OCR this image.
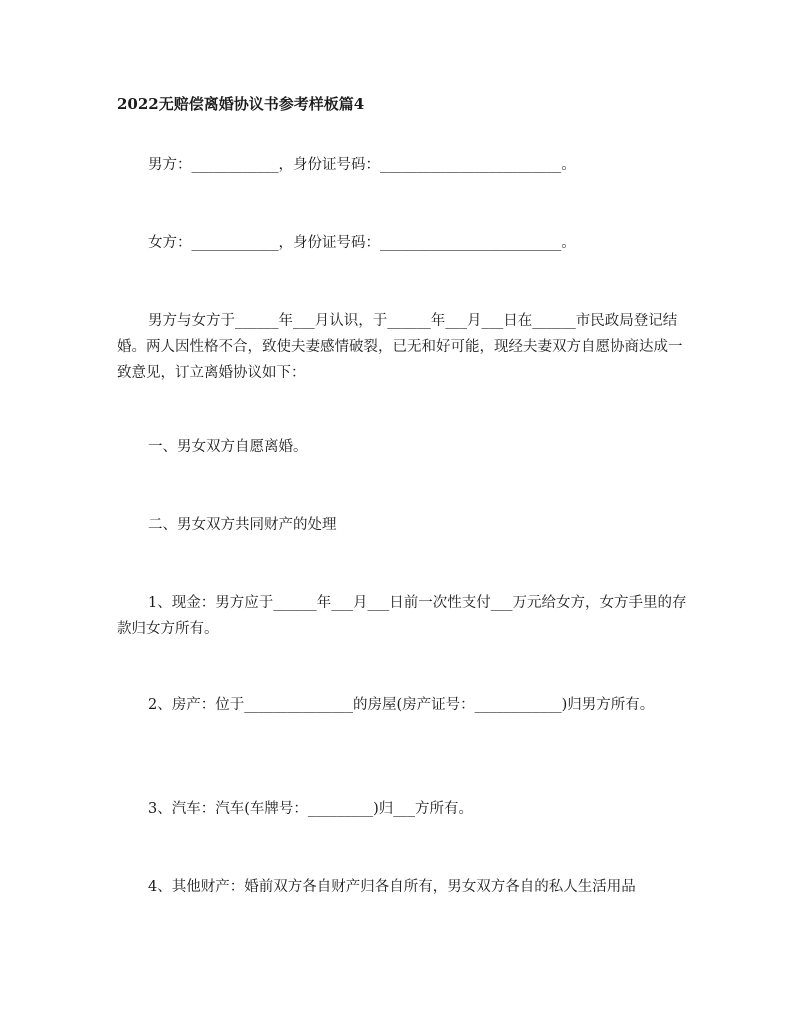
2022无赔偿离婚协议书参考样板篇4

男方：____________，身份证号码：_________________________。

女方：____________，身份证号码：_________________________。

男方与女方于______年___月认识，于______年___月___日在______市民政局登记结婚。两人因性格不合，致使夫妻感情破裂，已无和好可能，现经夫妻双方自愿协商达成一致意见，订立离婚协议如下：

一、男女双方自愿离婚。

二、男女双方共同财产的处理

1、现金：男方应于______年___月___日前一次性支付___万元给女方，女方手里的存款归女方所有。

2、房产：位于_______________的房屋(房产证号：____________)归男方所有。

3、汽车：汽车(车牌号：_________)归___方所有。

4、其他财产：婚前双方各自财产归各自所有，男女双方各自的私人生活用品
